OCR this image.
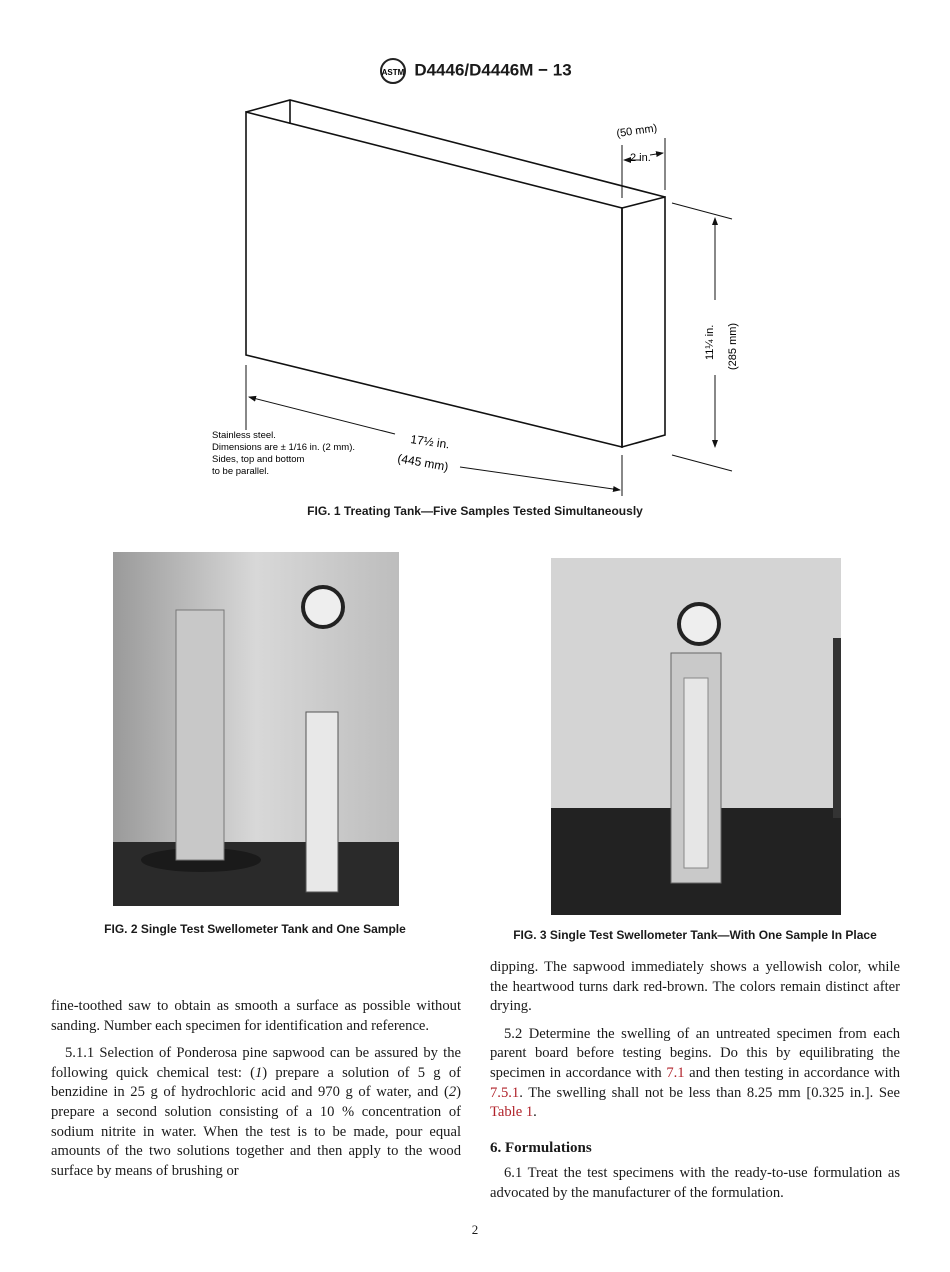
ASTM D4446/D4446M − 13
(50 mm)
2 in.
11¼ in. (285 mm)
17½ in.
(445 mm)
Stainless steel.
Dimensions are ± 1/16 in. (2 mm).
Sides, top and bottom
to be parallel.
FIG. 1 Treating Tank—Five Samples Tested Simultaneously
FIG. 2 Single Test Swellometer Tank and One Sample	FIG. 3 Single Test Swellometer Tank—With One Sample In Place

fine-toothed saw to obtain as smooth a surface as possible without sanding. Number each specimen for identification and reference.

5.1.1 Selection of Ponderosa pine sapwood can be assured by the following quick chemical test: (1) prepare a solution of 5 g of benzidine in 25 g of hydrochloric acid and 970 g of water, and (2) prepare a second solution consisting of a 10 % concentration of sodium nitrite in water. When the test is to be made, pour equal amounts of the two solutions together and then apply to the wood surface by means of brushing or

dipping. The sapwood immediately shows a yellowish color, while the heartwood turns dark red-brown. The colors remain distinct after drying.

5.2 Determine the swelling of an untreated specimen from each parent board before testing begins. Do this by equilibrating the specimen in accordance with 7.1 and then testing in accordance with 7.5.1. The swelling shall not be less than 8.25 mm [0.325 in.]. See Table 1.

6. Formulations

6.1 Treat the test specimens with the ready-to-use formulation as advocated by the manufacturer of the formulation.

2
